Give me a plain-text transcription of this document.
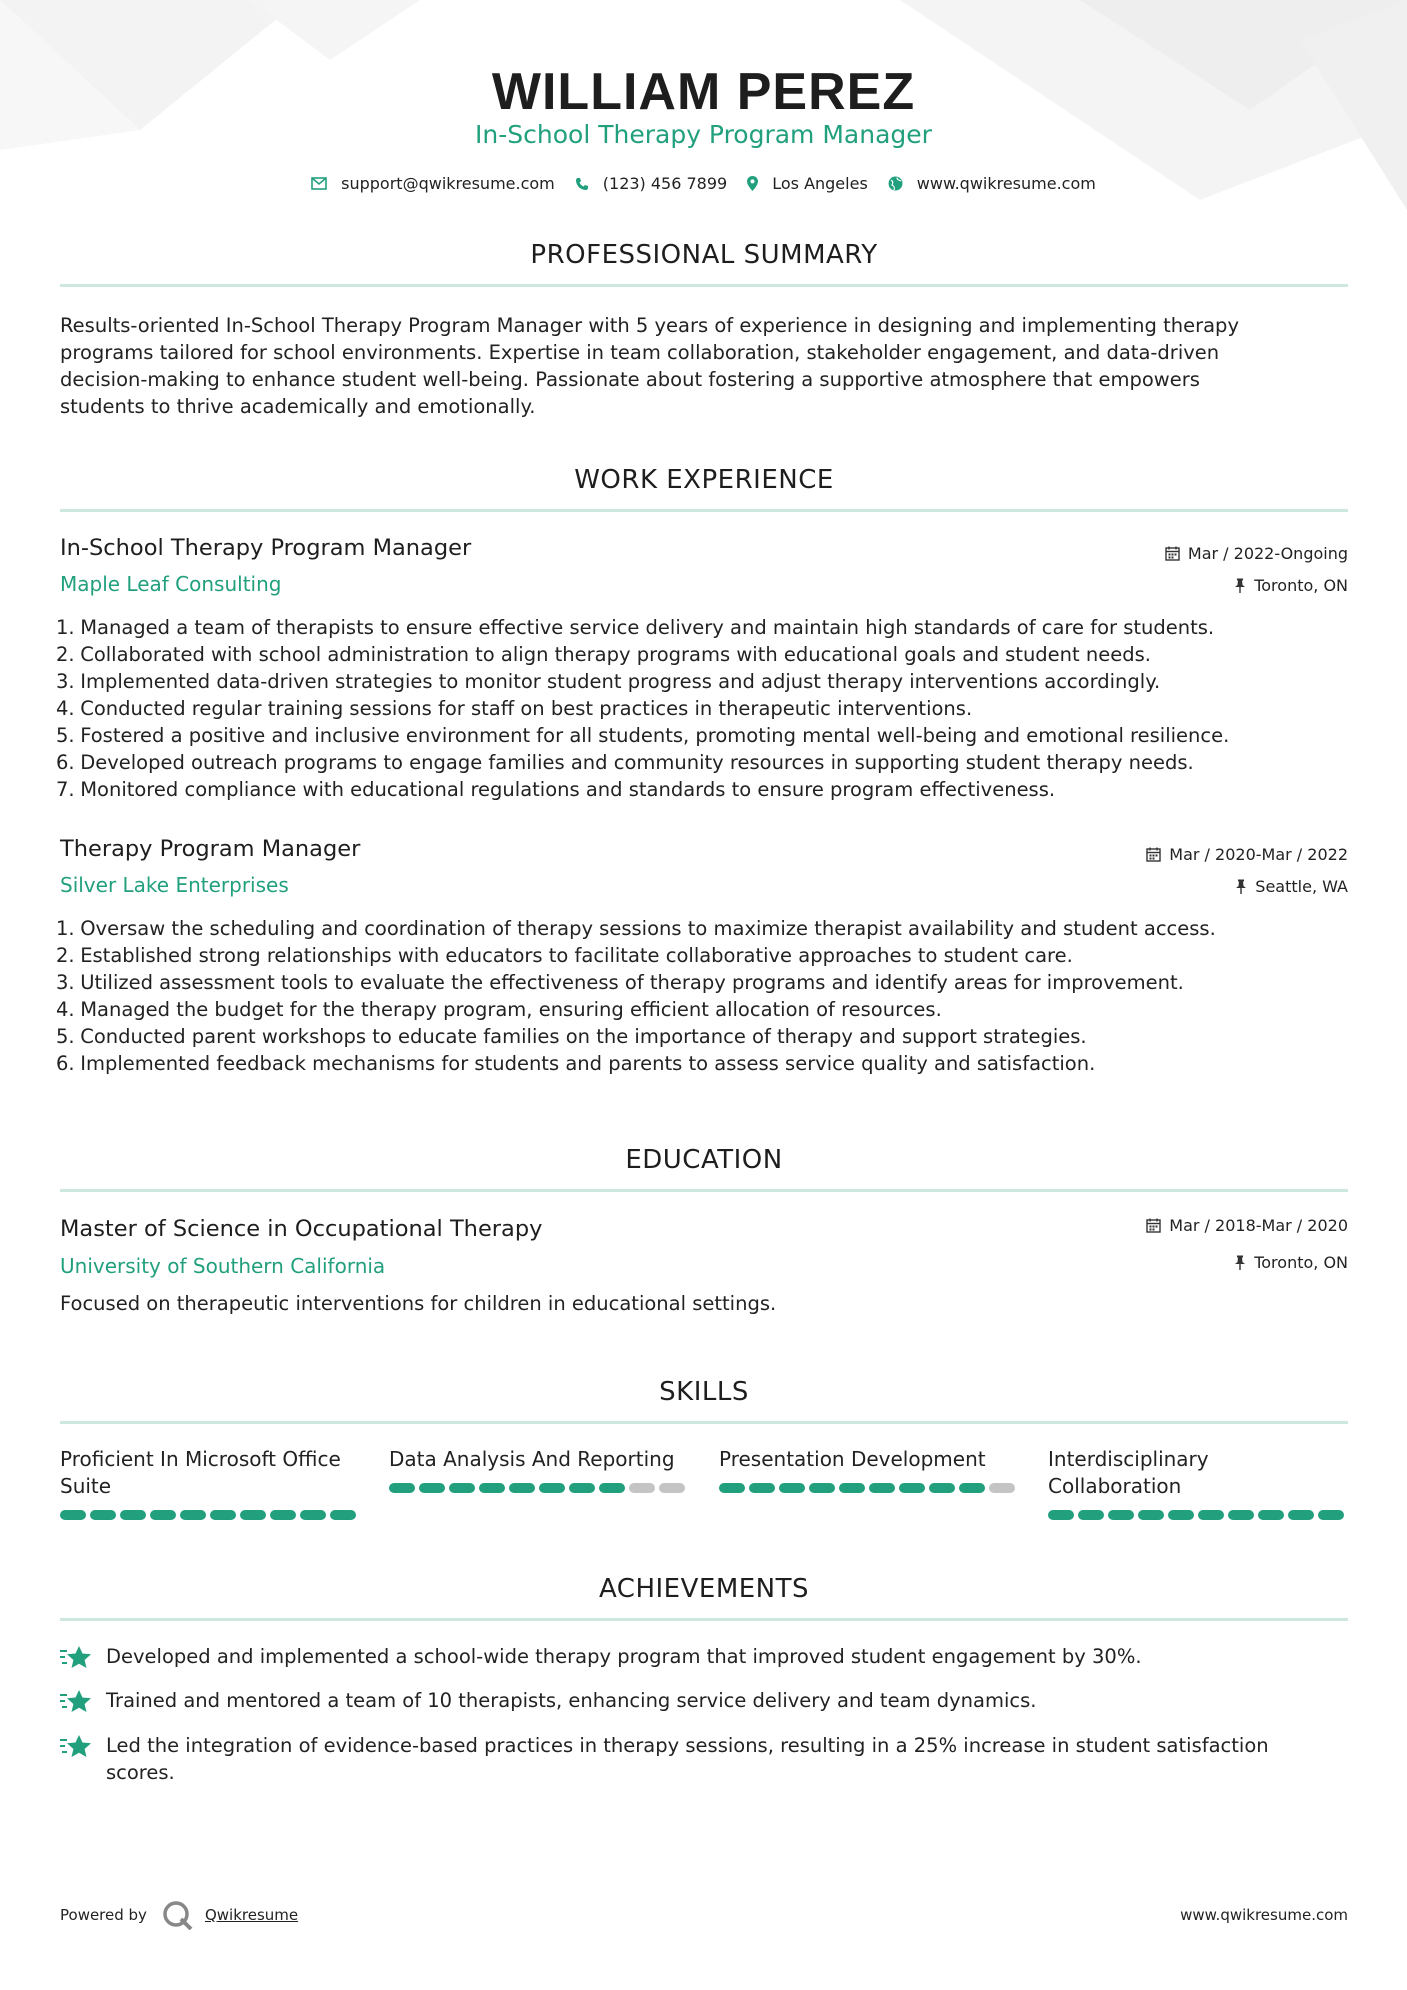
WILLIAM PEREZ
In-School Therapy Program Manager
support@qwikresume.com	(123) 456 7899	Los Angeles	www.qwikresume.com
PROFESSIONAL SUMMARY
Results-oriented In-School Therapy Program Manager with 5 years of experience in designing and implementing therapy
programs tailored for school environments. Expertise in team collaboration, stakeholder engagement, and data-driven
decision-making to enhance student well-being. Passionate about fostering a supportive atmosphere that empowers
students to thrive academically and emotionally.
WORK EXPERIENCE
In-School Therapy Program Manager	Mar / 2022-Ongoing
Maple Leaf Consulting	Toronto, ON
1. Managed a team of therapists to ensure effective service delivery and maintain high standards of care for students.
2. Collaborated with school administration to align therapy programs with educational goals and student needs.
3. Implemented data-driven strategies to monitor student progress and adjust therapy interventions accordingly.
4. Conducted regular training sessions for staff on best practices in therapeutic interventions.
5. Fostered a positive and inclusive environment for all students, promoting mental well-being and emotional resilience.
6. Developed outreach programs to engage families and community resources in supporting student therapy needs.
7. Monitored compliance with educational regulations and standards to ensure program effectiveness.
Therapy Program Manager	Mar / 2020-Mar / 2022
Silver Lake Enterprises	Seattle, WA
1. Oversaw the scheduling and coordination of therapy sessions to maximize therapist availability and student access.
2. Established strong relationships with educators to facilitate collaborative approaches to student care.
3. Utilized assessment tools to evaluate the effectiveness of therapy programs and identify areas for improvement.
4. Managed the budget for the therapy program, ensuring efficient allocation of resources.
5. Conducted parent workshops to educate families on the importance of therapy and support strategies.
6. Implemented feedback mechanisms for students and parents to assess service quality and satisfaction.
EDUCATION
Master of Science in Occupational Therapy	Mar / 2018-Mar / 2020
University of Southern California	Toronto, ON
Focused on therapeutic interventions for children in educational settings.
SKILLS
Proficient In Microsoft Office
Suite
Data Analysis And Reporting	Presentation Development	Interdisciplinary
Collaboration
ACHIEVEMENTS
Developed and implemented a school-wide therapy program that improved student engagement by 30%.
Trained and mentored a team of 10 therapists, enhancing service delivery and team dynamics.
Led the integration of evidence-based practices in therapy sessions, resulting in a 25% increase in student satisfaction
scores.
Powered by	Qwikresume	www.qwikresume.com
